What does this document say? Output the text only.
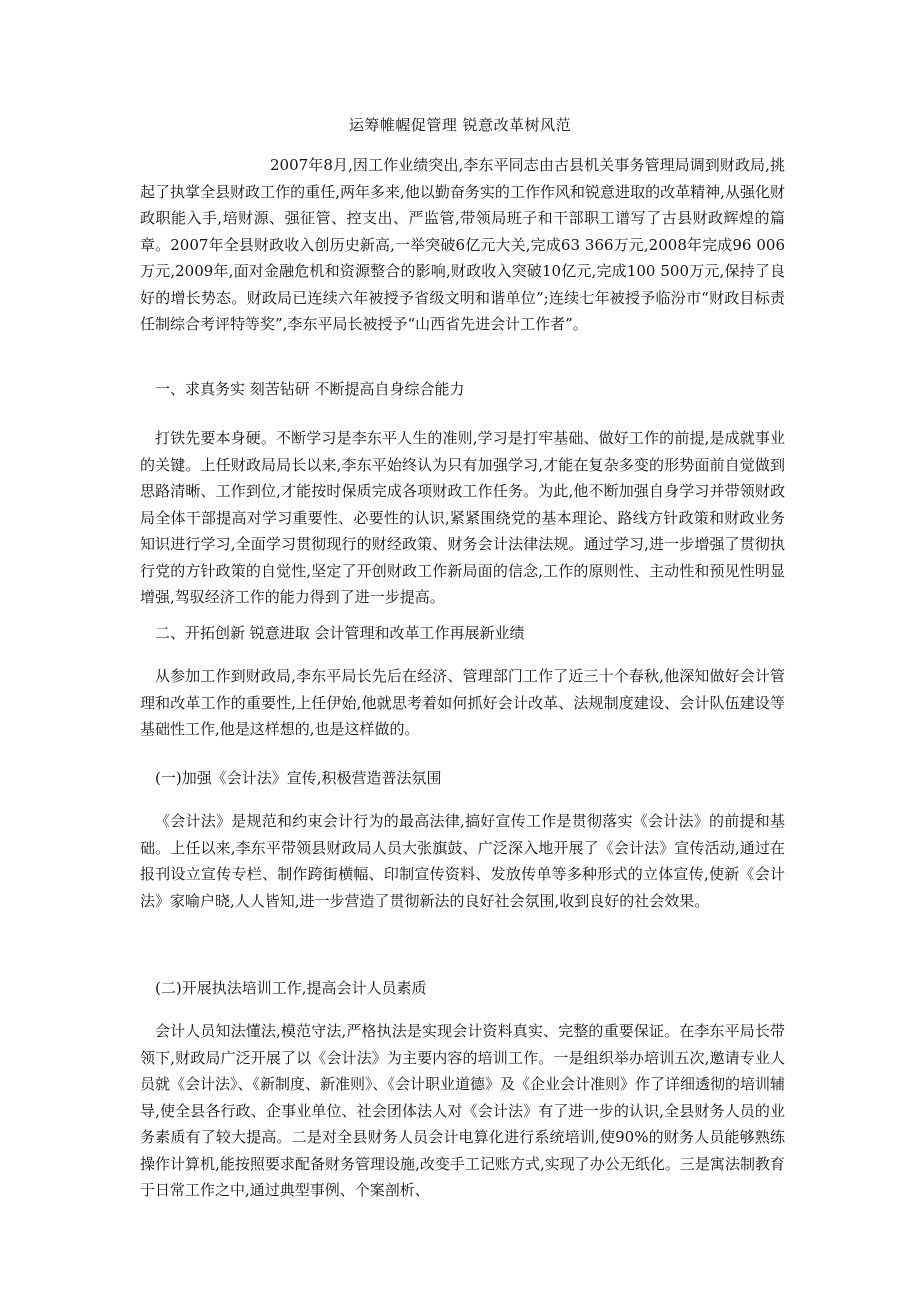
运筹帷幄促管理 锐意改革树风范
2007年8月,因工作业绩突出,李东平同志由古县机关事务管理局调到财政局,挑起了执掌全县财政工作的重任,两年多来,他以勤奋务实的工作作风和锐意进取的改革精神,从强化财政职能入手,培财源、强征管、控支出、严监管,带领局班子和干部职工谱写了古县财政辉煌的篇章。2007年全县财政收入创历史新高,一举突破6亿元大关,完成63 366万元,2008年完成96 006万元,2009年,面对金融危机和资源整合的影响,财政收入突破10亿元,完成100 500万元,保持了良好的增长势态。财政局已连续六年被授予省级文明和谐单位”;连续七年被授予临汾市“财政目标责任制综合考评特等奖”,李东平局长被授予“山西省先进会计工作者”。
一、求真务实 刻苦钻研 不断提高自身综合能力
打铁先要本身硬。不断学习是李东平人生的准则,学习是打牢基础、做好工作的前提,是成就事业的关键。上任财政局局长以来,李东平始终认为只有加强学习,才能在复杂多变的形势面前自觉做到思路清晰、工作到位,才能按时保质完成各项财政工作任务。为此,他不断加强自身学习并带领财政局全体干部提高对学习重要性、必要性的认识,紧紧围绕党的基本理论、路线方针政策和财政业务知识进行学习,全面学习贯彻现行的财经政策、财务会计法律法规。通过学习,进一步增强了贯彻执行党的方针政策的自觉性,坚定了开创财政工作新局面的信念,工作的原则性、主动性和预见性明显增强,驾驭经济工作的能力得到了进一步提高。
二、开拓创新 锐意进取 会计管理和改革工作再展新业绩
从参加工作到财政局,李东平局长先后在经济、管理部门工作了近三十个春秋,他深知做好会计管理和改革工作的重要性,上任伊始,他就思考着如何抓好会计改革、法规制度建设、会计队伍建设等基础性工作,他是这样想的,也是这样做的。
(一)加强《会计法》宣传,积极营造普法氛围
《会计法》是规范和约束会计行为的最高法律,搞好宣传工作是贯彻落实《会计法》的前提和基础。上任以来,李东平带领县财政局人员大张旗鼓、广泛深入地开展了《会计法》宣传活动,通过在报刊设立宣传专栏、制作跨街横幅、印制宣传资料、发放传单等多种形式的立体宣传,使新《会计法》家喻户晓,人人皆知,进一步营造了贯彻新法的良好社会氛围,收到良好的社会效果。
(二)开展执法培训工作,提高会计人员素质
会计人员知法懂法,模范守法,严格执法是实现会计资料真实、完整的重要保证。在李东平局长带领下,财政局广泛开展了以《会计法》为主要内容的培训工作。一是组织举办培训五次,邀请专业人员就《会计法》、《新制度、新准则》、《会计职业道德》及《企业会计准则》作了详细透彻的培训辅导,使全县各行政、企事业单位、社会团体法人对《会计法》有了进一步的认识,全县财务人员的业务素质有了较大提高。二是对全县财务人员会计电算化进行系统培训,使90%的财务人员能够熟练操作计算机,能按照要求配备财务管理设施,改变手工记账方式,实现了办公无纸化。三是寓法制教育于日常工作之中,通过典型事例、个案剖析、
